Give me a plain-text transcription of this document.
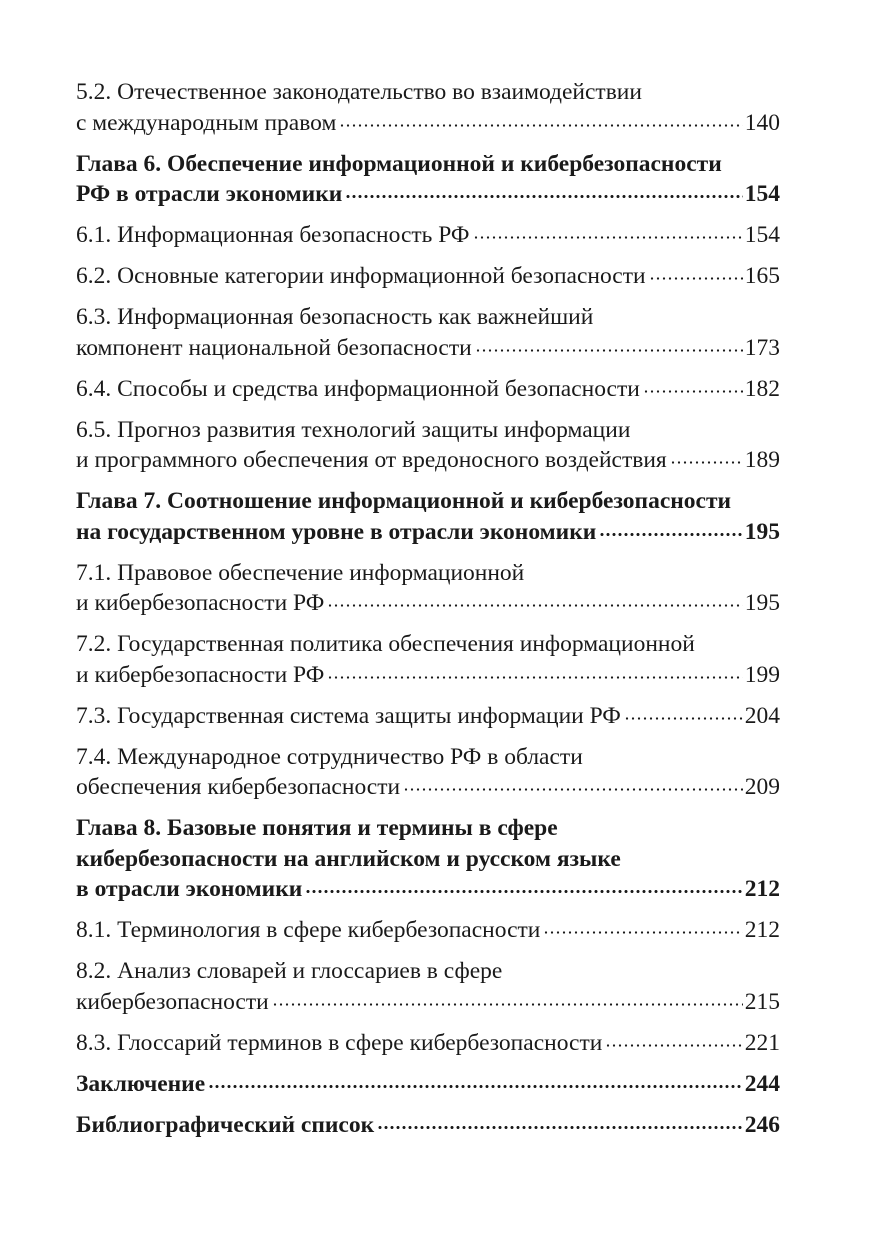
5.2. Отечественное законодательство во взаимодействии
с международным правом	140
Глава 6. Обеспечение информационной и кибербезопасности
РФ в отрасли экономики	154
6.1. Информационная безопасность РФ	154
6.2. Основные категории информационной безопасности	165
6.3. Информационная безопасность как важнейший
компонент национальной безопасности	173
6.4. Способы и средства информационной безопасности	182
6.5. Прогноз развития технологий защиты информации
и программного обеспечения от вредоносного воздействия	189
Глава 7. Соотношение информационной и кибербезопасности
на государственном уровне в отрасли экономики	195
7.1. Правовое обеспечение информационной
и кибербезопасности РФ	195
7.2. Государственная политика обеспечения информационной
и кибербезопасности РФ	199
7.3. Государственная система защиты информации РФ	204
7.4. Международное сотрудничество РФ в области
обеспечения кибербезопасности	209
Глава 8. Базовые понятия и термины в сфере
кибербезопасности на английском и русском языке
в отрасли экономики	212
8.1. Терминология в сфере кибербезопасности	212
8.2. Анализ словарей и глоссариев в сфере
кибербезопасности	215
8.3. Глоссарий терминов в сфере кибербезопасности	221
Заключение	244
Библиографический список	246
